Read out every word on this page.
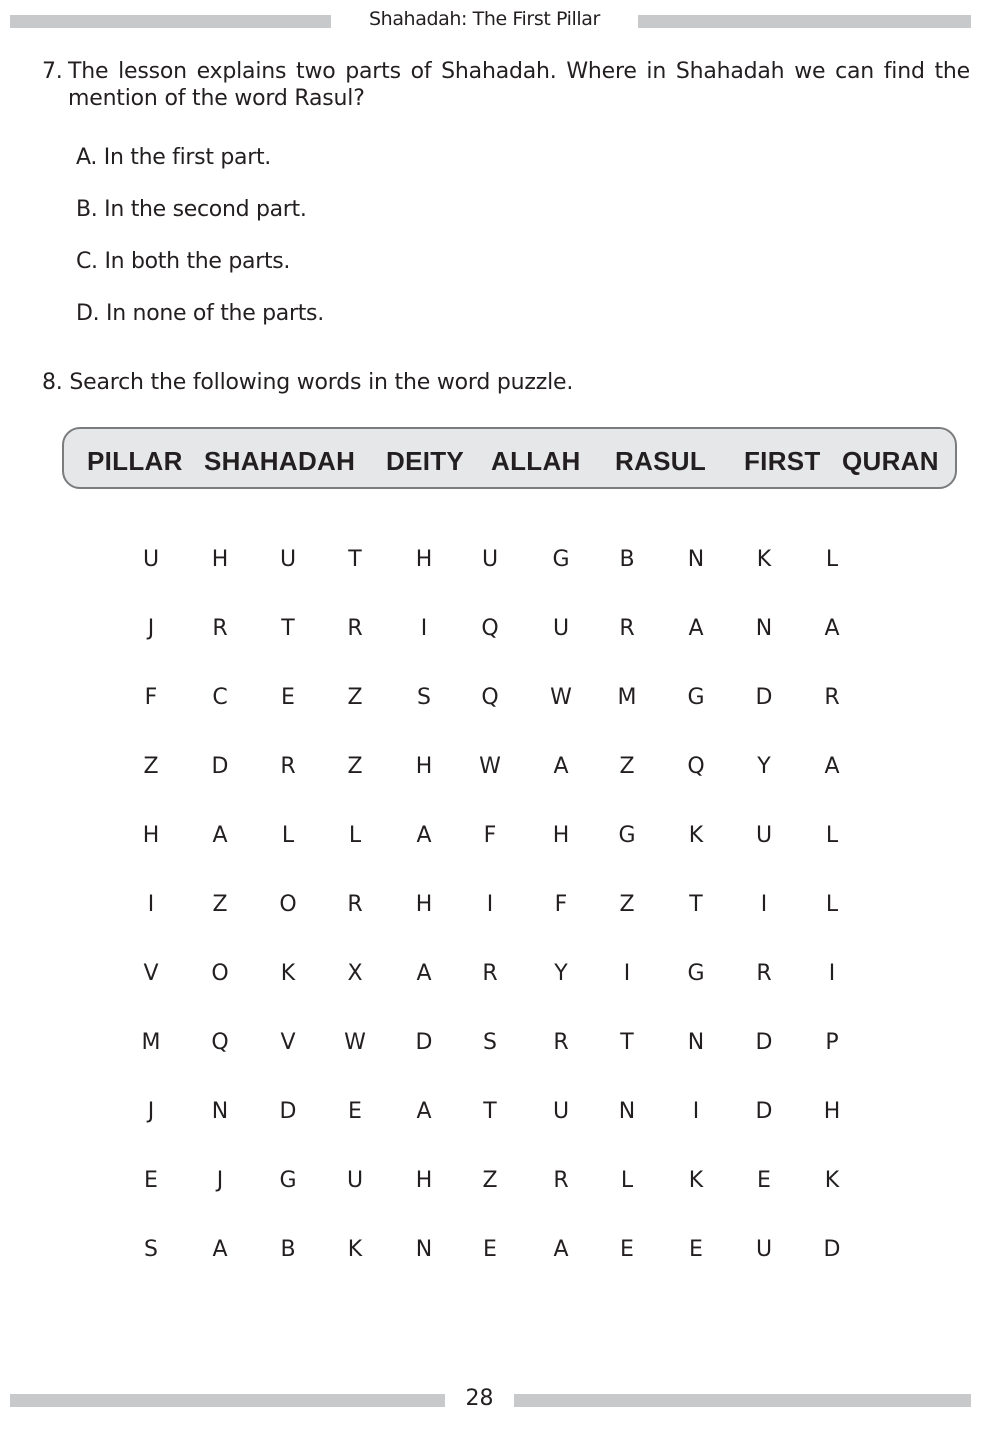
Shahadah: The First Pillar
7. The lesson explains two parts of Shahadah. Where in Shahadah we can find the mention of the word Rasul?
A. In the first part.
B. In the second part.
C. In both the parts.
D. In none of the parts.
8. Search the following words in the word puzzle.
PILLAR SHAHADAH DEITY ALLAH RASUL FIRST QURAN
U	H	U	T	H	U	G	B	N	K	L
J	R	T	R	I	Q	U	R	A	N	A
F	C	E	Z	S	Q	W	M	G	D	R
Z	D	R	Z	H	W	A	Z	Q	Y	A
H	A	L	L	A	F	H	G	K	U	L
I	Z	O	R	H	I	F	Z	T	I	L
V	O	K	X	A	R	Y	I	G	R	I
M	Q	V	W	D	S	R	T	N	D	P
J	N	D	E	A	T	U	N	I	D	H
E	J	G	U	H	Z	R	L	K	E	K
S	A	B	K	N	E	A	E	E	U	D
28
